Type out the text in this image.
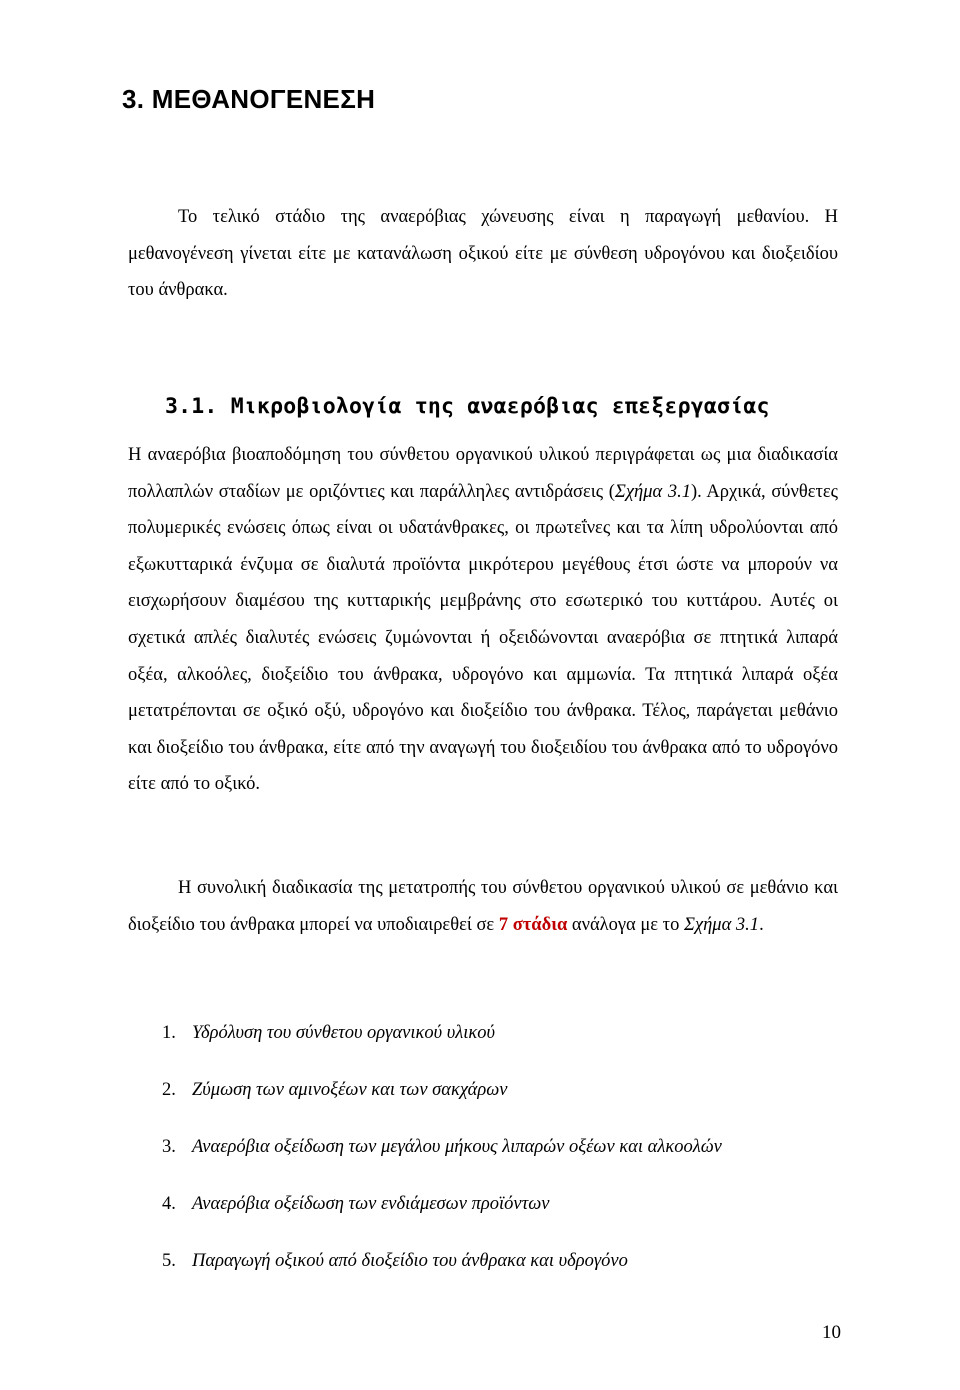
3. ΜΕΘΑΝΟΓΕΝΕΣΗ

Το τελικό στάδιο της αναερόβιας χώνευσης είναι η παραγωγή μεθανίου. Η μεθανογένεση γίνεται είτε με κατανάλωση οξικού είτε με σύνθεση υδρογόνου και διοξειδίου του άνθρακα.

3.1. Μικροβιολογία της αναερόβιας επεξεργασίας

Η αναερόβια βιοαποδόμηση του σύνθετου οργανικού υλικού περιγράφεται ως μια διαδικασία πολλαπλών σταδίων με οριζόντιες και παράλληλες αντιδράσεις (Σχήμα 3.1). Αρχικά, σύνθετες πολυμερικές ενώσεις όπως είναι οι υδατάνθρακες, οι πρωτεΐνες και τα λίπη υδρολύονται από εξωκυτταρικά ένζυμα σε διαλυτά προϊόντα μικρότερου μεγέθους έτσι ώστε να μπορούν να εισχωρήσουν διαμέσου της κυτταρικής μεμβράνης στο εσωτερικό του κυττάρου. Αυτές οι σχετικά απλές διαλυτές ενώσεις ζυμώνονται ή οξειδώνονται αναερόβια σε πτητικά λιπαρά οξέα, αλκοόλες, διοξείδιο του άνθρακα, υδρογόνο και αμμωνία. Τα πτητικά λιπαρά οξέα μετατρέπονται σε οξικό οξύ, υδρογόνο και διοξείδιο του άνθρακα. Τέλος, παράγεται μεθάνιο και διοξείδιο του άνθρακα, είτε από την αναγωγή του διοξειδίου του άνθρακα από το υδρογόνο είτε από το οξικό.

Η συνολική διαδικασία της μετατροπής του σύνθετου οργανικού υλικού σε μεθάνιο και διοξείδιο του άνθρακα μπορεί να υποδιαιρεθεί σε 7 στάδια ανάλογα με το Σχήμα 3.1.

1. Υδρόλυση του σύνθετου οργανικού υλικού
2. Ζύμωση των αμινοξέων και των σακχάρων
3. Αναερόβια οξείδωση των μεγάλου μήκους λιπαρών οξέων και αλκοολών
4. Αναερόβια οξείδωση των ενδιάμεσων προϊόντων
5. Παραγωγή οξικού από διοξείδιο του άνθρακα και υδρογόνο
10
